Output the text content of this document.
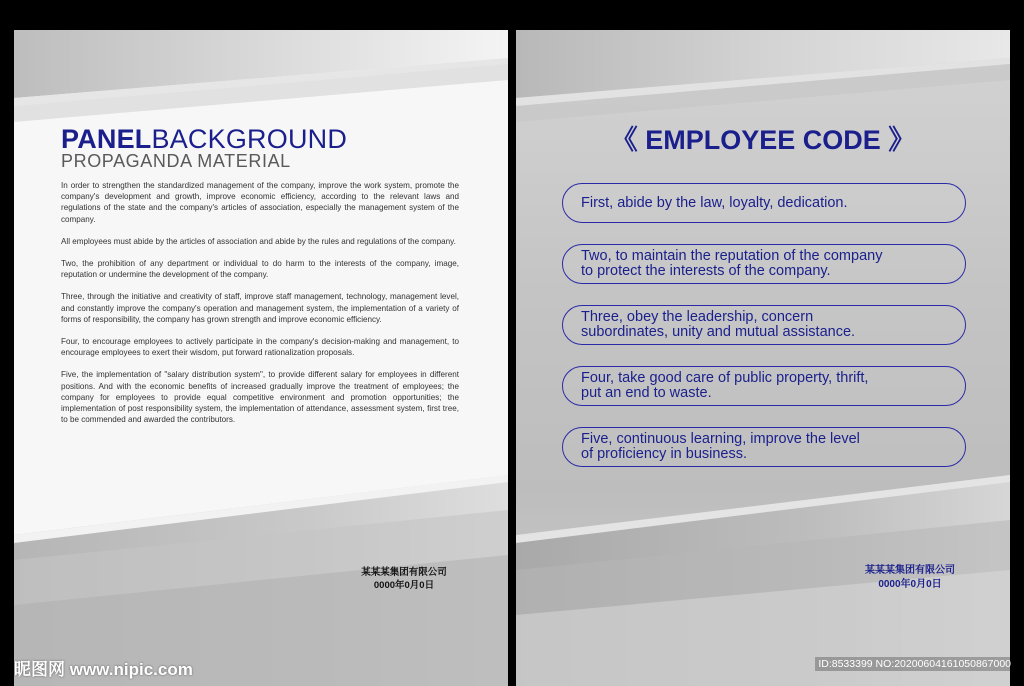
PANELBACKGROUND
PROPAGANDA MATERIAL

In order to strengthen the standardized management of the company, improve the work system, promote the company's development and growth, improve economic efficiency, according to the relevant laws and regulations of the state and the company's articles of association, especially the management system of the company.

All employees must abide by the articles of association and abide by the rules and regulations of the company.

Two, the prohibition of any department or individual to do harm to the interests of the company, image, reputation or undermine the development of the company.

Three, through the initiative and creativity of staff, improve staff management, technology, management level, and constantly improve the company's operation and management system, the implementation of a variety of forms of responsibility, the company has grown strength and improve economic efficiency.

Four, to encourage employees to actively participate in the company's decision-making and management, to encourage employees to exert their wisdom, put forward rationalization proposals.

Five, the implementation of "salary distribution system", to provide different salary for employees in different positions. And with the economic benefits of increased gradually improve the treatment of employees; the company for employees to provide equal competitive environment and promotion opportunities; the implementation of post responsibility system, the implementation of attendance, assessment system, first tree, to be commended and awarded the contributors.

某某某集团有限公司
0000年0月0日
《 EMPLOYEE CODE 》
First, abide by the law, loyalty, dedication.
Two, to maintain the reputation of the company
to protect the interests of the company.
Three, obey the leadership, concern
subordinates, unity and mutual assistance.
Four, take good care of public property, thrift,
put an end to waste.
Five, continuous learning, improve the level
of proficiency in business.
某某某集团有限公司
0000年0月0日
昵图网 www.nipic.com	ID:8533399 NO:20200604161050867000
